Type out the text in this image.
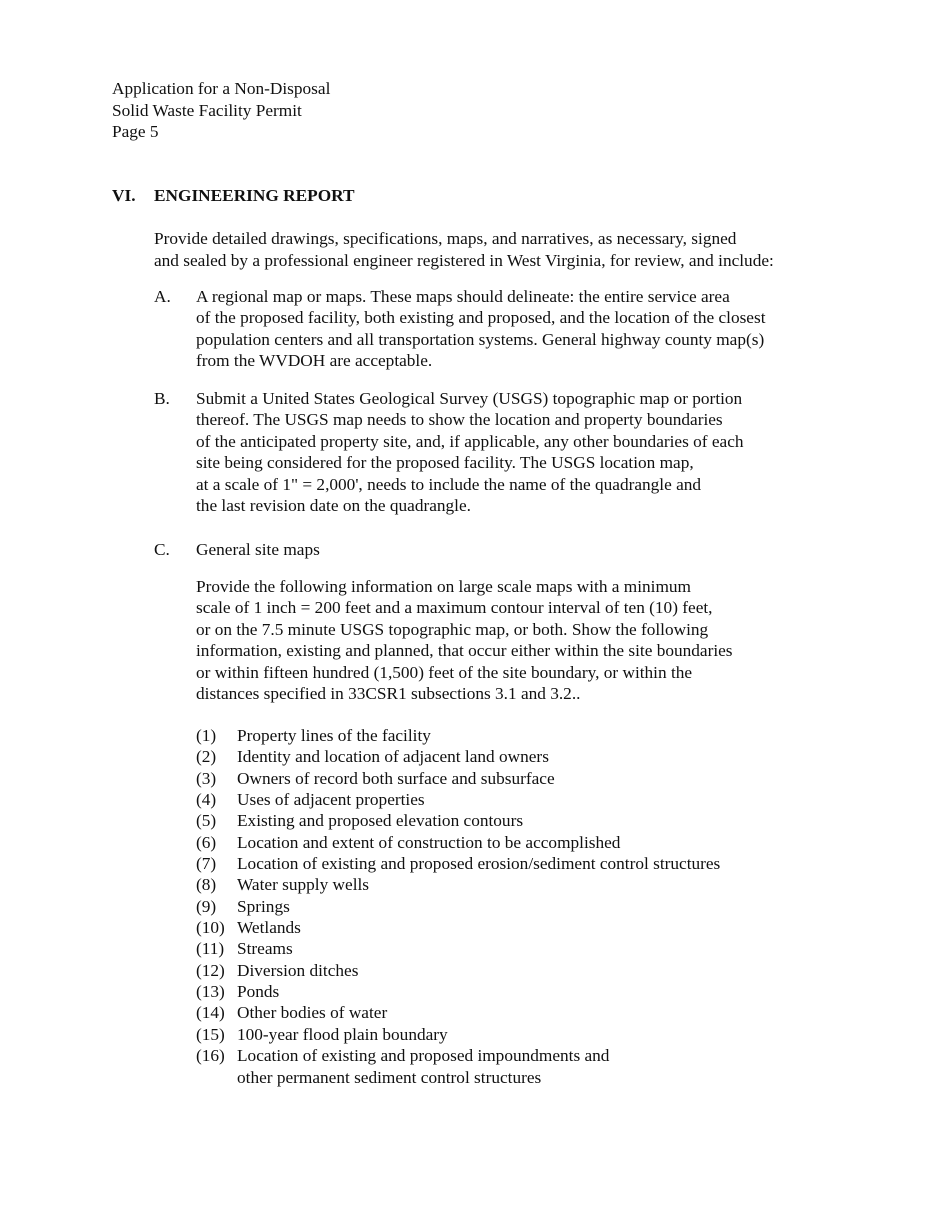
Application for a Non-Disposal
Solid Waste Facility Permit
Page 5
VI. ENGINEERING REPORT
Provide detailed drawings, specifications, maps, and narratives, as necessary, signed
and sealed by a professional engineer registered in West Virginia, for review, and include:
A. A regional map or maps. These maps should delineate: the entire service area
of the proposed facility, both existing and proposed, and the location of the closest
population centers and all transportation systems. General highway county map(s)
from the WVDOH are acceptable.
B. Submit a United States Geological Survey (USGS) topographic map or portion
thereof. The USGS map needs to show the location and property boundaries
of the anticipated property site, and, if applicable, any other boundaries of each
site being considered for the proposed facility. The USGS location map,
at a scale of 1" = 2,000', needs to include the name of the quadrangle and
the last revision date on the quadrangle.
C. General site maps
Provide the following information on large scale maps with a minimum
scale of 1 inch = 200 feet and a maximum contour interval of ten (10) feet,
or on the 7.5 minute USGS topographic map, or both. Show the following
information, existing and planned, that occur either within the site boundaries
or within fifteen hundred (1,500) feet of the site boundary, or within the
distances specified in 33CSR1 subsections 3.1 and 3.2..
(1) Property lines of the facility
(2) Identity and location of adjacent land owners
(3) Owners of record both surface and subsurface
(4) Uses of adjacent properties
(5) Existing and proposed elevation contours
(6) Location and extent of construction to be accomplished
(7) Location of existing and proposed erosion/sediment control structures
(8) Water supply wells
(9) Springs
(10) Wetlands
(11) Streams
(12) Diversion ditches
(13) Ponds
(14) Other bodies of water
(15) 100-year flood plain boundary
(16) Location of existing and proposed impoundments and
other permanent sediment control structures
